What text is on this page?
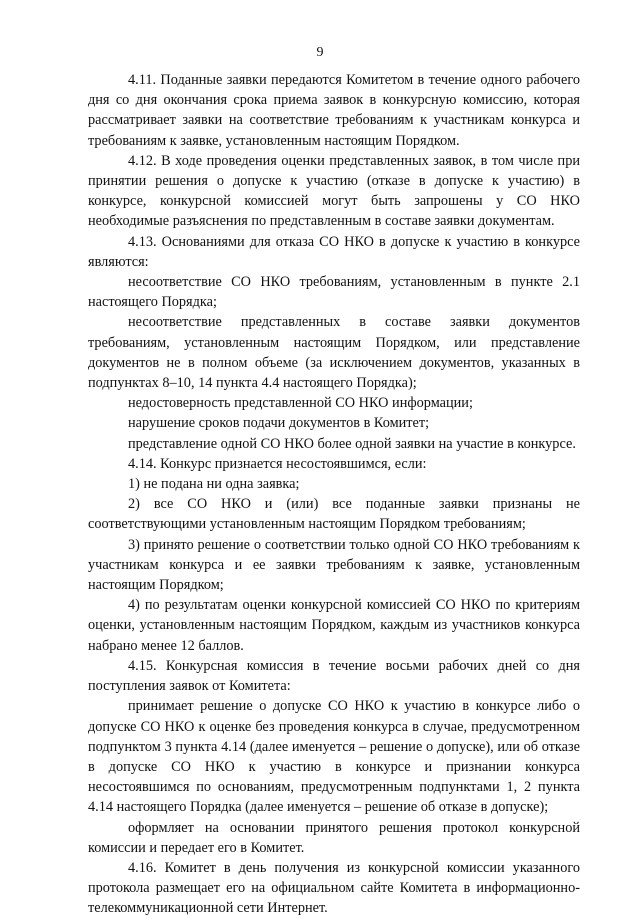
9

4.11. Поданные заявки передаются Комитетом в течение одного рабочего дня со дня окончания срока приема заявок в конкурсную комиссию, которая рассматривает заявки на соответствие требованиям к участникам конкурса и требованиям к заявке, установленным настоящим Порядком.

4.12. В ходе проведения оценки представленных заявок, в том числе при принятии решения о допуске к участию (отказе в допуске к участию) в конкурсе, конкурсной комиссией могут быть запрошены у СО НКО необходимые разъяснения по представленным в составе заявки документам.

4.13. Основаниями для отказа СО НКО в допуске к участию в конкурсе являются:

несоответствие СО НКО требованиям, установленным в пункте 2.1 настоящего Порядка;

несоответствие представленных в составе заявки документов требованиям, установленным настоящим Порядком, или представление документов не в полном объеме (за исключением документов, указанных в подпунктах 8–10, 14 пункта 4.4 настоящего Порядка);

недостоверность представленной СО НКО информации;

нарушение сроков подачи документов в Комитет;

представление одной СО НКО более одной заявки на участие в конкурсе.

4.14. Конкурс признается несостоявшимся, если:

1) не подана ни одна заявка;

2) все СО НКО и (или) все поданные заявки признаны не соответствующими установленным настоящим Порядком требованиям;

3) принято решение о соответствии только одной СО НКО требованиям к участникам конкурса и ее заявки требованиям к заявке, установленным настоящим Порядком;

4) по результатам оценки конкурсной комиссией СО НКО по критериям оценки, установленным настоящим Порядком, каждым из участников конкурса набрано менее 12 баллов.

4.15. Конкурсная комиссия в течение восьми рабочих дней со дня поступления заявок от Комитета:

принимает решение о допуске СО НКО к участию в конкурсе либо о допуске СО НКО к оценке без проведения конкурса в случае, предусмотренном подпунктом 3 пункта 4.14 (далее именуется – решение о допуске), или об отказе в допуске СО НКО к участию в конкурсе и признании конкурса несостоявшимся по основаниям, предусмотренным подпунктами 1, 2 пункта 4.14 настоящего Порядка (далее именуется – решение об отказе в допуске);

оформляет на основании принятого решения протокол конкурсной комиссии и передает его в Комитет.

4.16. Комитет в день получения из конкурсной комиссии указанного протокола размещает его на официальном сайте Комитета в информационно-телекоммуникационной сети Интернет.
